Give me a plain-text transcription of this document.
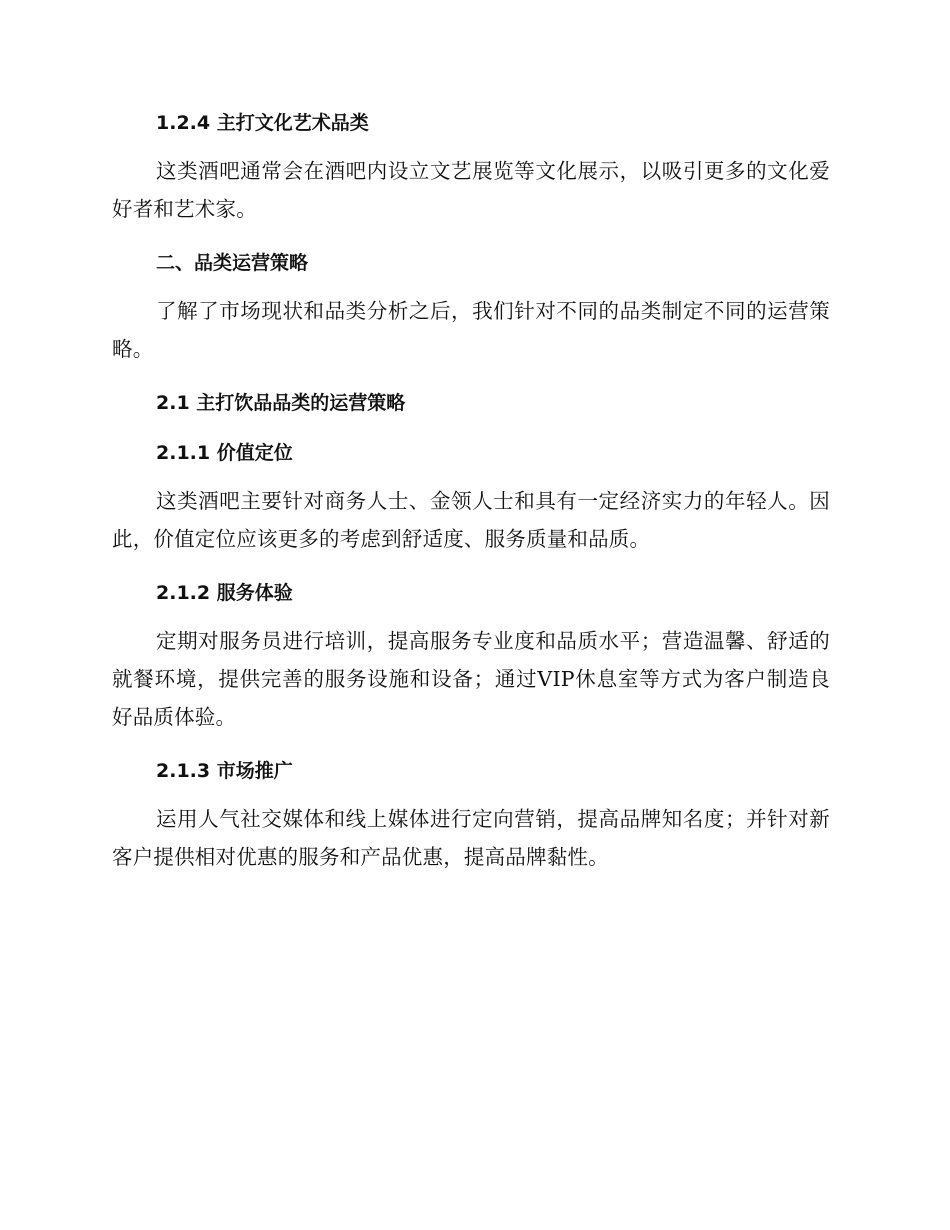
1.2.4 主打文化艺术品类

这类酒吧通常会在酒吧内设立文艺展览等文化展示，以吸引更多的文化爱好者和艺术家。

二、品类运营策略

了解了市场现状和品类分析之后，我们针对不同的品类制定不同的运营策略。

2.1 主打饮品品类的运营策略
2.1.1 价值定位

这类酒吧主要针对商务人士、金领人士和具有一定经济实力的年轻人。因此，价值定位应该更多的考虑到舒适度、服务质量和品质。

2.1.2 服务体验

定期对服务员进行培训，提高服务专业度和品质水平；营造温馨、舒适的就餐环境，提供完善的服务设施和设备；通过VIP休息室等方式为客户制造良好品质体验。

2.1.3 市场推广

运用人气社交媒体和线上媒体进行定向营销，提高品牌知名度；并针对新客户提供相对优惠的服务和产品优惠，提高品牌黏性。
